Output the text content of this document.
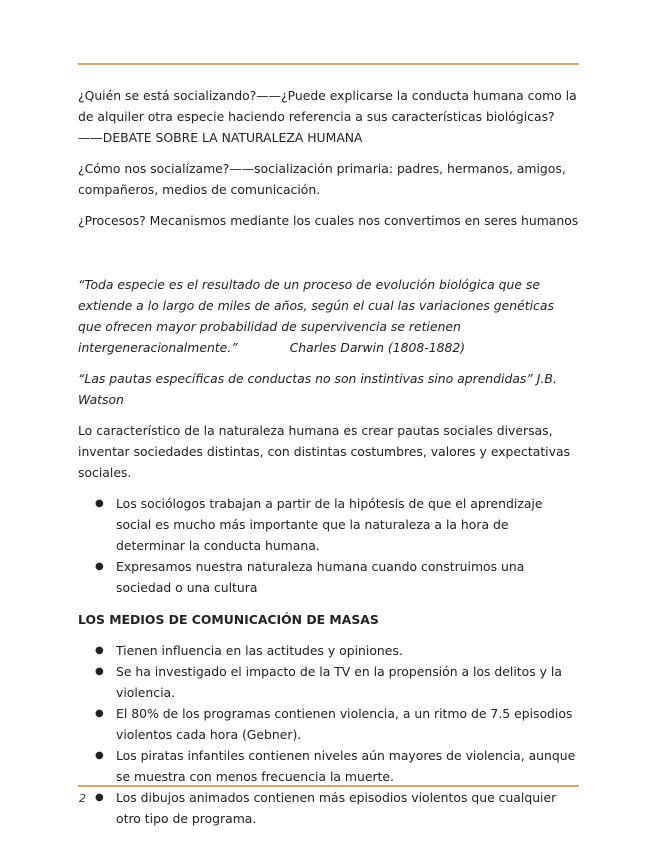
¿Quién se está socializando?——¿Puede explicarse la conducta humana como la de alquiler otra especie haciendo referencia a sus características biológicas?——DEBATE SOBRE LA NATURALEZA HUMANA

¿Cómo nos socialízame?——socialización primaria: padres, hermanos, amigos, compañeros, medios de comunicación.

¿Procesos? Mecanismos mediante los cuales nos convertimos en seres humanos

“Toda especie es el resultado de un proceso de evolución biológica que se extiende a lo largo de miles de años, según el cual las variaciones genéticas que ofrecen mayor probabilidad de supervivencia se retienen intergeneracionalmente.”	Charles Darwin (1808-1882)

“Las pautas específicas de conductas no son instintivas sino aprendidas” J.B. Watson

Lo característico de la naturaleza humana es crear pautas sociales diversas, inventar sociedades distintas, con distintas costumbres, valores y expectativas sociales.

● Los sociólogos trabajan a partir de la hipótesis de que el aprendizaje social es mucho más importante que la naturaleza a la hora de determinar la conducta humana.
● Expresamos nuestra naturaleza humana cuando construimos una sociedad o una cultura

LOS MEDIOS DE COMUNICACIÓN DE MASAS

● Tienen influencia en las actitudes y opiniones.
● Se ha investigado el impacto de la TV en la propensión a los delitos y la violencia.
● El 80% de los programas contienen violencia, a un ritmo de 7.5 episodios violentos cada hora (Gebner).
● Los piratas infantiles contienen niveles aún mayores de violencia, aunque se muestra con menos frecuencia la muerte.
● Los dibujos animados contienen más episodios violentos que cualquier otro tipo de programa.
2
